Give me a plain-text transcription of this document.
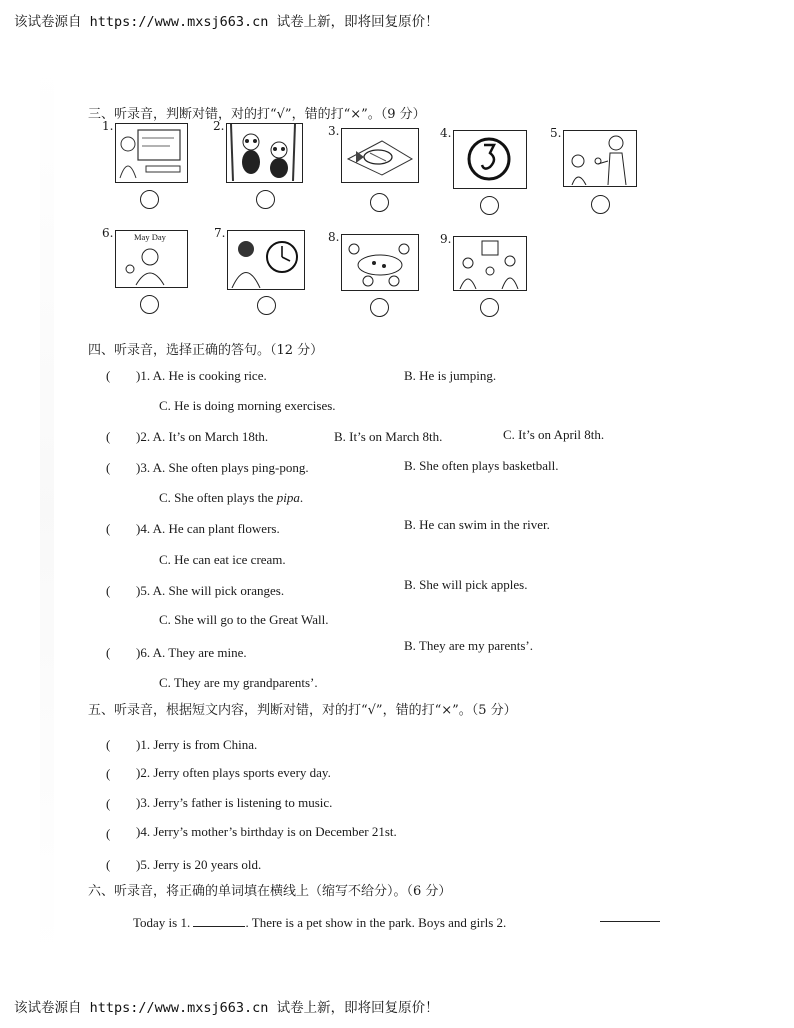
该试卷源自 https://www.mxsj663.cn 试卷上新，即将回复原价！
三、听录音，判断对错，对的打“√”，错的打“×”。（9 分）
1.	2.	3.	4.	5.
6. May Day	7.	8.	9.
四、听录音，选择正确的答句。（12 分）
( )1. A. He is cooking rice.	B. He is jumping.
C. He is doing morning exercises.
( )2. A. It’s on March 18th.	B. It’s on March 8th.	C. It’s on April 8th.
( )3. A. She often plays ping-pong.	B. She often plays basketball.
C. She often plays the pipa.
( )4. A. He can plant flowers.	B. He can swim in the river.
C. He can eat ice cream.
( )5. A. She will pick oranges.	B. She will pick apples.
C. She will go to the Great Wall.
( )6. A. They are mine.	B. They are my parents’.
C. They are my grandparents’.
五、听录音，根据短文内容，判断对错，对的打“√”，错的打“×”。（5 分）
( )1. Jerry is from China.
( )2. Jerry often plays sports every day.
( )3. Jerry’s father is listening to music.
( )4. Jerry’s mother’s birthday is on December 21st.
( )5. Jerry is 20 years old.
六、听录音，将正确的单词填在横线上（缩写不给分）。（6 分）
Today is 1.	. There is a pet show in the park. Boys and girls 2.
该试卷源自 https://www.mxsj663.cn 试卷上新，即将回复原价！
